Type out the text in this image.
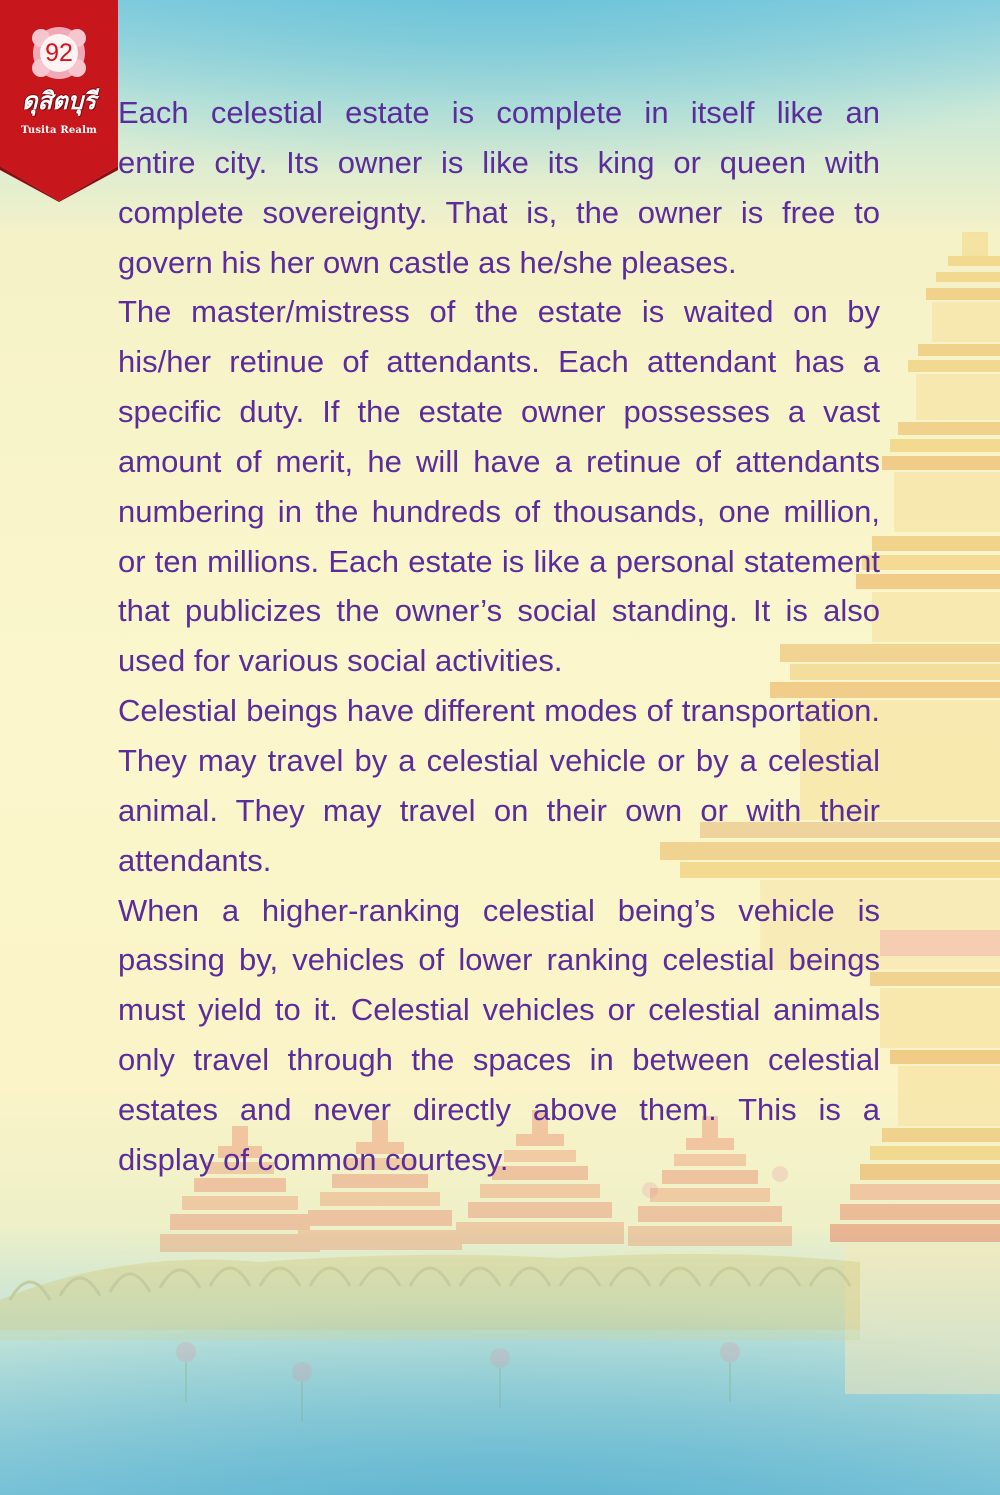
92
ดุสิตบุรี
Tusita Realm
Each celestial estate is complete in itself like an
entire city. Its owner is like its king or queen with
complete sovereignty. That is, the owner is free to
govern his her own castle as he/she pleases.
The master/mistress of the estate is waited on by
his/her retinue of attendants. Each attendant has a
specific duty. If the estate owner possesses a vast
amount of merit, he will have a retinue of attendants
numbering in the hundreds of thousands, one million,
or ten millions. Each estate is like a personal statement
that publicizes the owner’s social standing. It is also
used for various social activities.
Celestial beings have different modes of transportation.
They may travel by a celestial vehicle or by a celestial
animal. They may travel on their own or with their
attendants.
When a higher-ranking celestial being’s vehicle is
passing by, vehicles of lower ranking celestial beings
must yield to it. Celestial vehicles or celestial animals
only travel through the spaces in between celestial
estates and never directly above them. This is a
display of common courtesy.
